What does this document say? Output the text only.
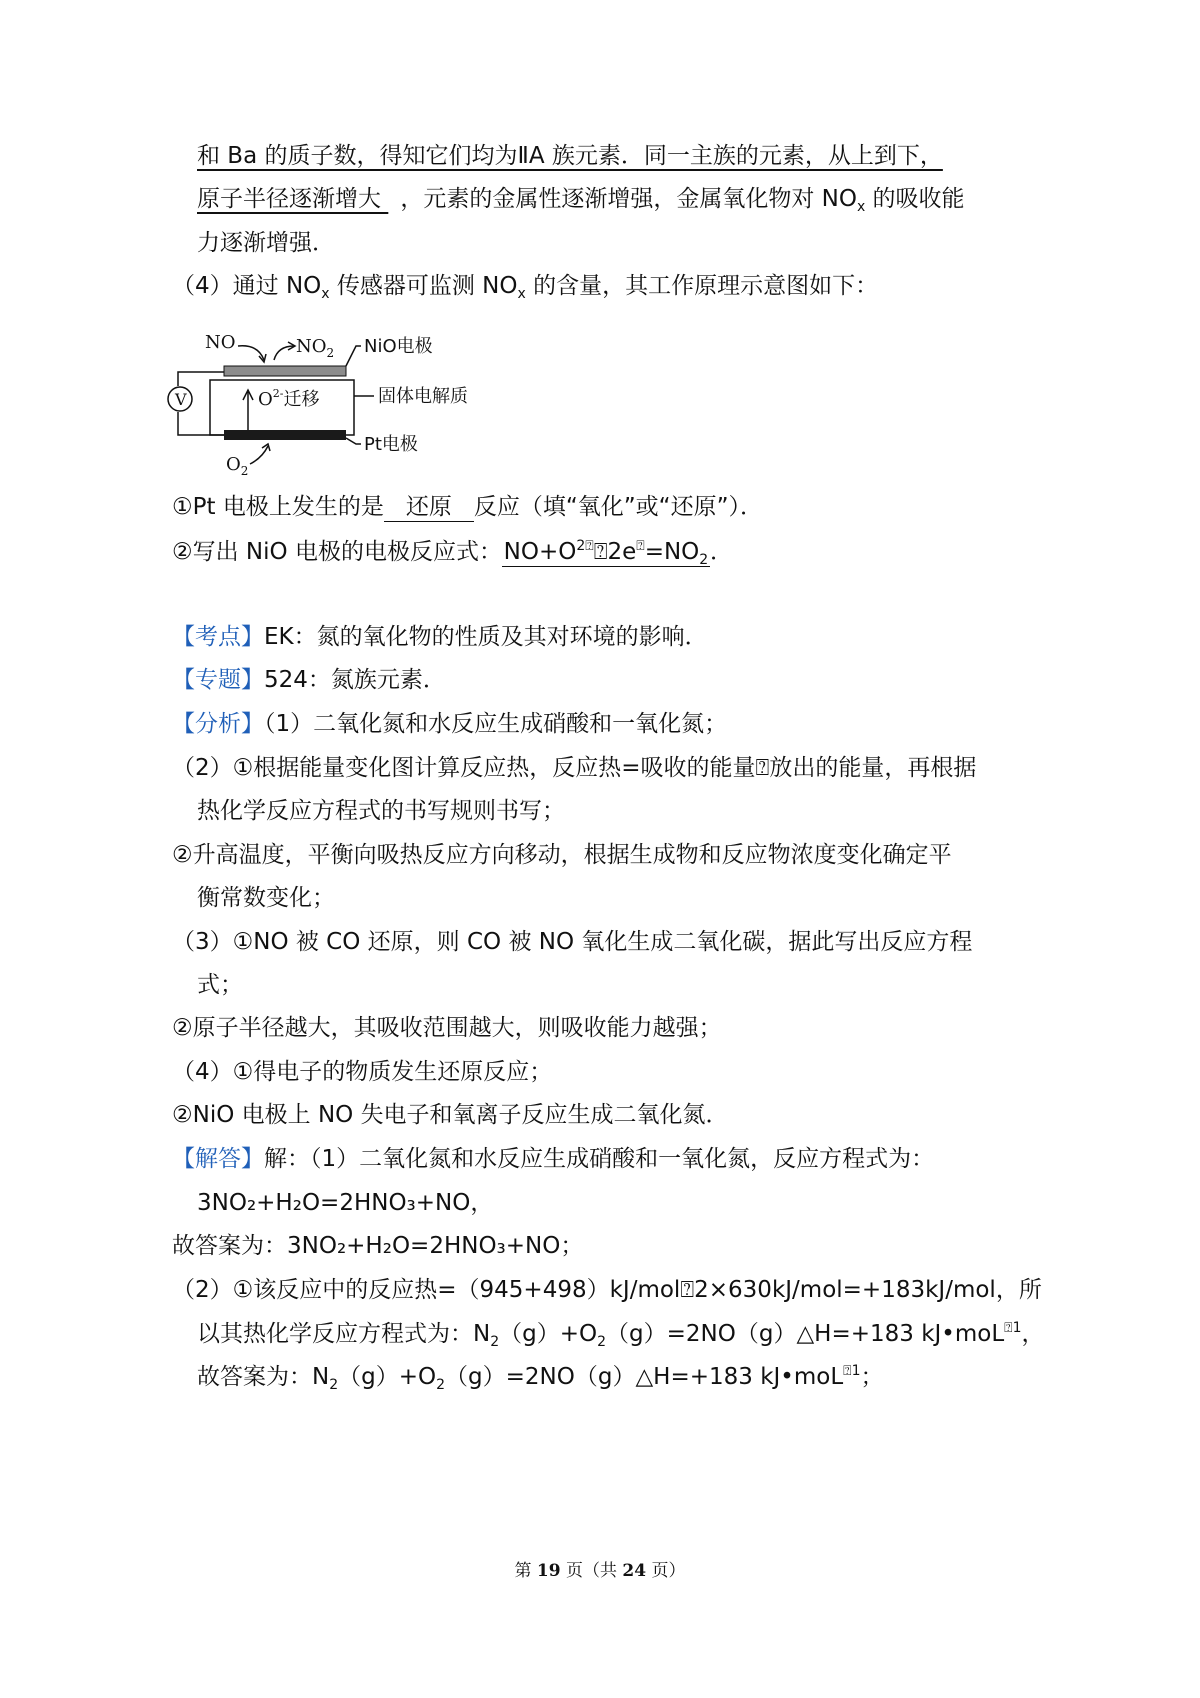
和 Ba 的质子数，得知它们均为ⅡA 族元素．同一主族的元素，从上到下，
原子半径逐渐增大 ，元素的金属性逐渐增强，金属氧化物对 $NO_x$ 的吸收能
力逐渐增强．
（4）通过 $NO_x$ 传感器可监测 $NO_x$ 的含量，其工作原理示意图如下：
V
NO	$NO_2$ NiO电极
$O^{2-}$迁移	固体电解质
Pt电极
$O_2$
①Pt 电极上发生的是 还原 反应（填“氧化”或“还原”）．
②写出 NiO 电极的电极反应式：$NO+O^{2⍰}⍰2e^⍰=NO_2$．
【考点】EK：氮的氧化物的性质及其对环境的影响．
【专题】524：氮族元素．
【分析】（1）二氧化氮和水反应生成硝酸和一氧化氮；
（2）①根据能量变化图计算反应热，反应热=吸收的能量⍰放出的能量，再根据
热化学反应方程式的书写规则书写；
②升高温度，平衡向吸热反应方向移动，根据生成物和反应物浓度变化确定平
衡常数变化；
（3）①NO 被 CO 还原，则 CO 被 NO 氧化生成二氧化碳，据此写出反应方程
式；
②原子半径越大，其吸收范围越大，则吸收能力越强；
（4）①得电子的物质发生还原反应；
②NiO 电极上 NO 失电子和氧离子反应生成二氧化氮．
【解答】解：（1）二氧化氮和水反应生成硝酸和一氧化氮，反应方程式为：
3NO₂+H₂O=2HNO₃+NO，
故答案为：3NO₂+H₂O=2HNO₃+NO；
（2）①该反应中的反应热=（945+498）kJ/mol⍰2×630kJ/mol=+183kJ/mol，所
以其热化学反应方程式为：$N_2(g)+O_2(g)=2NO(g)\triangle H=+183$ kJ•moL$^{⍰1}$，
故答案为：$N_2(g)+O_2(g)=2NO(g)\triangle H=+183$ kJ•moL$^{⍰1}$；
第 19 页（共 24 页）
